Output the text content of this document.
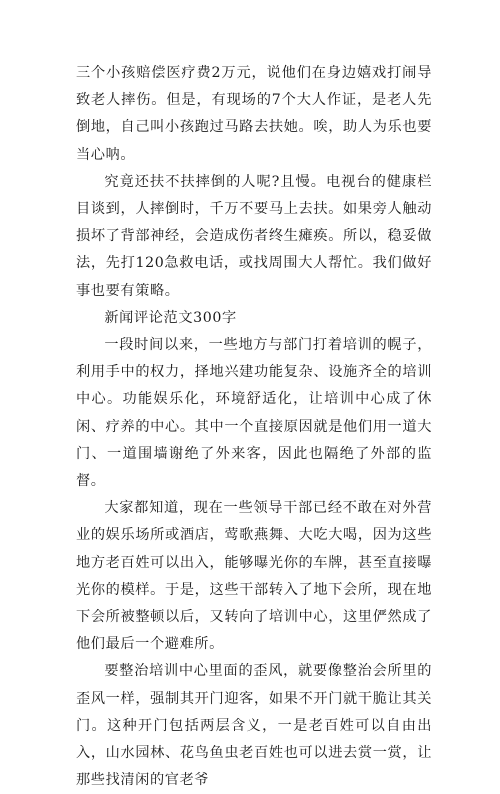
三个小孩赔偿医疗费2万元，说他们在身边嬉戏打闹导致老人摔伤。但是，有现场的7个大人作证，是老人先倒地，自己叫小孩跑过马路去扶她。唉，助人为乐也要当心呐。

究竟还扶不扶摔倒的人呢?且慢。电视台的健康栏目谈到，人摔倒时，千万不要马上去扶。如果旁人触动损坏了背部神经，会造成伤者终生瘫痪。所以，稳妥做法，先打120急救电话，或找周围大人帮忙。我们做好事也要有策略。

新闻评论范文300字

一段时间以来，一些地方与部门打着培训的幌子，利用手中的权力，择地兴建功能复杂、设施齐全的培训中心。功能娱乐化，环境舒适化，让培训中心成了休闲、疗养的中心。其中一个直接原因就是他们用一道大门、一道围墙谢绝了外来客，因此也隔绝了外部的监督。

大家都知道，现在一些领导干部已经不敢在对外营业的娱乐场所或酒店，莺歌燕舞、大吃大喝，因为这些地方老百姓可以出入，能够曝光你的车牌，甚至直接曝光你的模样。于是，这些干部转入了地下会所，现在地下会所被整顿以后，又转向了培训中心，这里俨然成了他们最后一个避难所。

要整治培训中心里面的歪风，就要像整治会所里的歪风一样，强制其开门迎客，如果不开门就干脆让其关门。这种开门包括两层含义，一是老百姓可以自由出入，山水园林、花鸟鱼虫老百姓也可以进去赏一赏，让那些找清闲的官老爷
